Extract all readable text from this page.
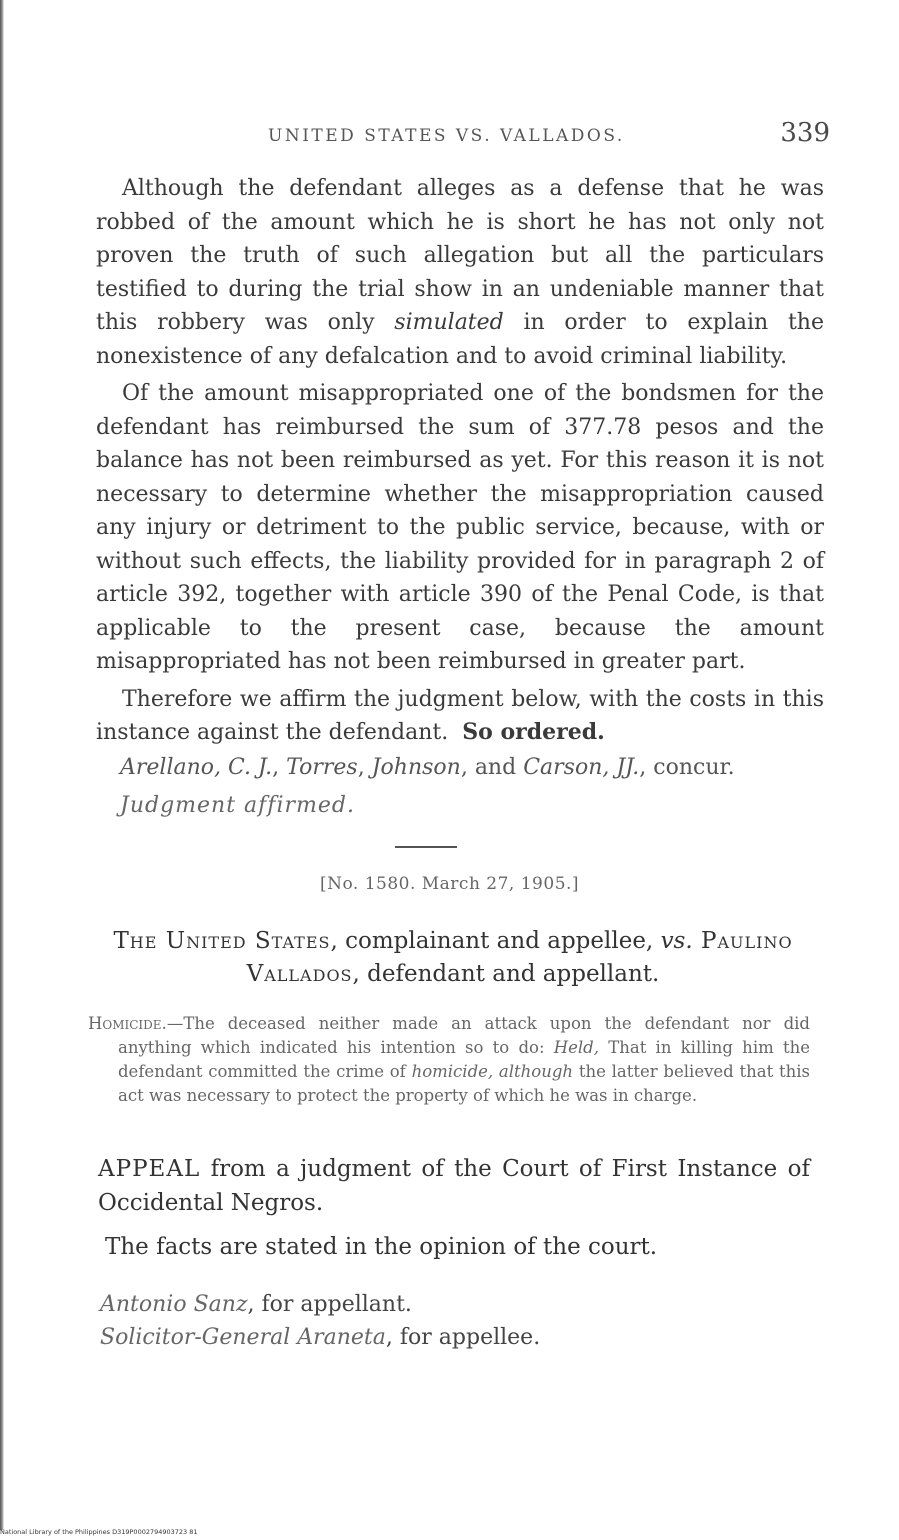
UNITED STATES VS. VALLADOS.	339

Although the defendant alleges as a defense that he was robbed of the amount which he is short he has not only not proven the truth of such allegation but all the particulars testified to during the trial show in an undeniable manner that this robbery was only simulated in order to explain the nonexistence of any defalcation and to avoid criminal liability.

Of the amount misappropriated one of the bondsmen for the defendant has reimbursed the sum of 377.78 pesos and the balance has not been reimbursed as yet. For this reason it is not necessary to determine whether the misappropriation caused any injury or detriment to the public service, because, with or without such effects, the liability provided for in paragraph 2 of article 392, together with article 390 of the Penal Code, is that applicable to the present case, because the amount misappropriated has not been reimbursed in greater part.

Therefore we affirm the judgment below, with the costs in this instance against the defendant. So ordered.

Arellano, C. J., Torres, Johnson, and Carson, JJ., concur.
Judgment affirmed.
[No. 1580. March 27, 1905.]
The United States, complainant and appellee, vs. Paulino Vallados, defendant and appellant.
Homicide.—The deceased neither made an attack upon the defendant nor did anything which indicated his intention so to do: Held, That in killing him the defendant committed the crime of homicide, although the latter believed that this act was necessary to protect the property of which he was in charge.
APPEAL from a judgment of the Court of First Instance of Occidental Negros.
The facts are stated in the opinion of the court.
Antonio Sanz, for appellant.
Solicitor-General Araneta, for appellee.
National Library of the Philippines D319P0002794903723 81
